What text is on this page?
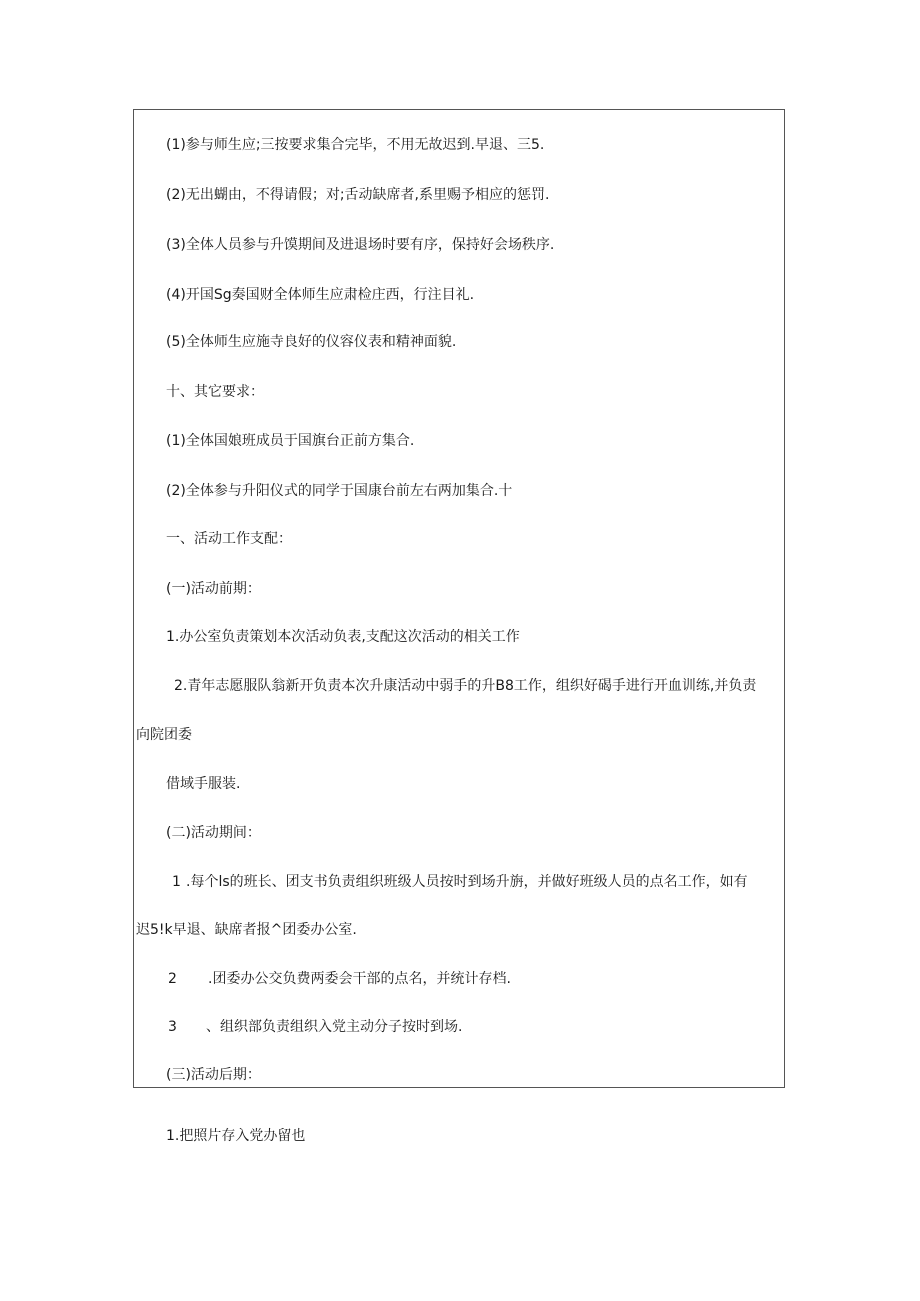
(1)参与师生应;三按要求集合完毕，不用无故迟到.早退、三5.
(2)无出蝴由，不得请假；对;舌动缺席者,系里赐予相应的惩罚.
(3)全体人员参与升馍期间及进退场时要有序，保持好会场秩序.
(4)开国Sg奏国财全体师生应肃检庄西，行注目礼.
(5)全体师生应施寺良好的仪容仪表和精神面貌.
十、其它要求：
(1)全体国娘班成员于国旗台正前方集合.
(2)全体参与升阳仪式的同学于国康台前左右两加集合.十
一、活动工作支配：
(一)活动前期：
1.办公室负责策划本次活动负表,支配这次活动的相关工作
2.青年志愿服队翁新开负责本次升康活动中弱手的升B8工作，组织好碣手进行开血训练,并负责
向院团委
借域手服装.
(二)活动期间：
1 .每个ls的班长、团支书负责组织班级人员按时到场升旃，并做好班级人员的点名工作，如有
迟5!k早退、缺席者报^团委办公室.
2 .团委办公交负费两委会干部的点名，并统计存档.
3 、组织部负责组织入党主动分子按时到场.
(三)活动后期：
1.把照片存入党办留也
